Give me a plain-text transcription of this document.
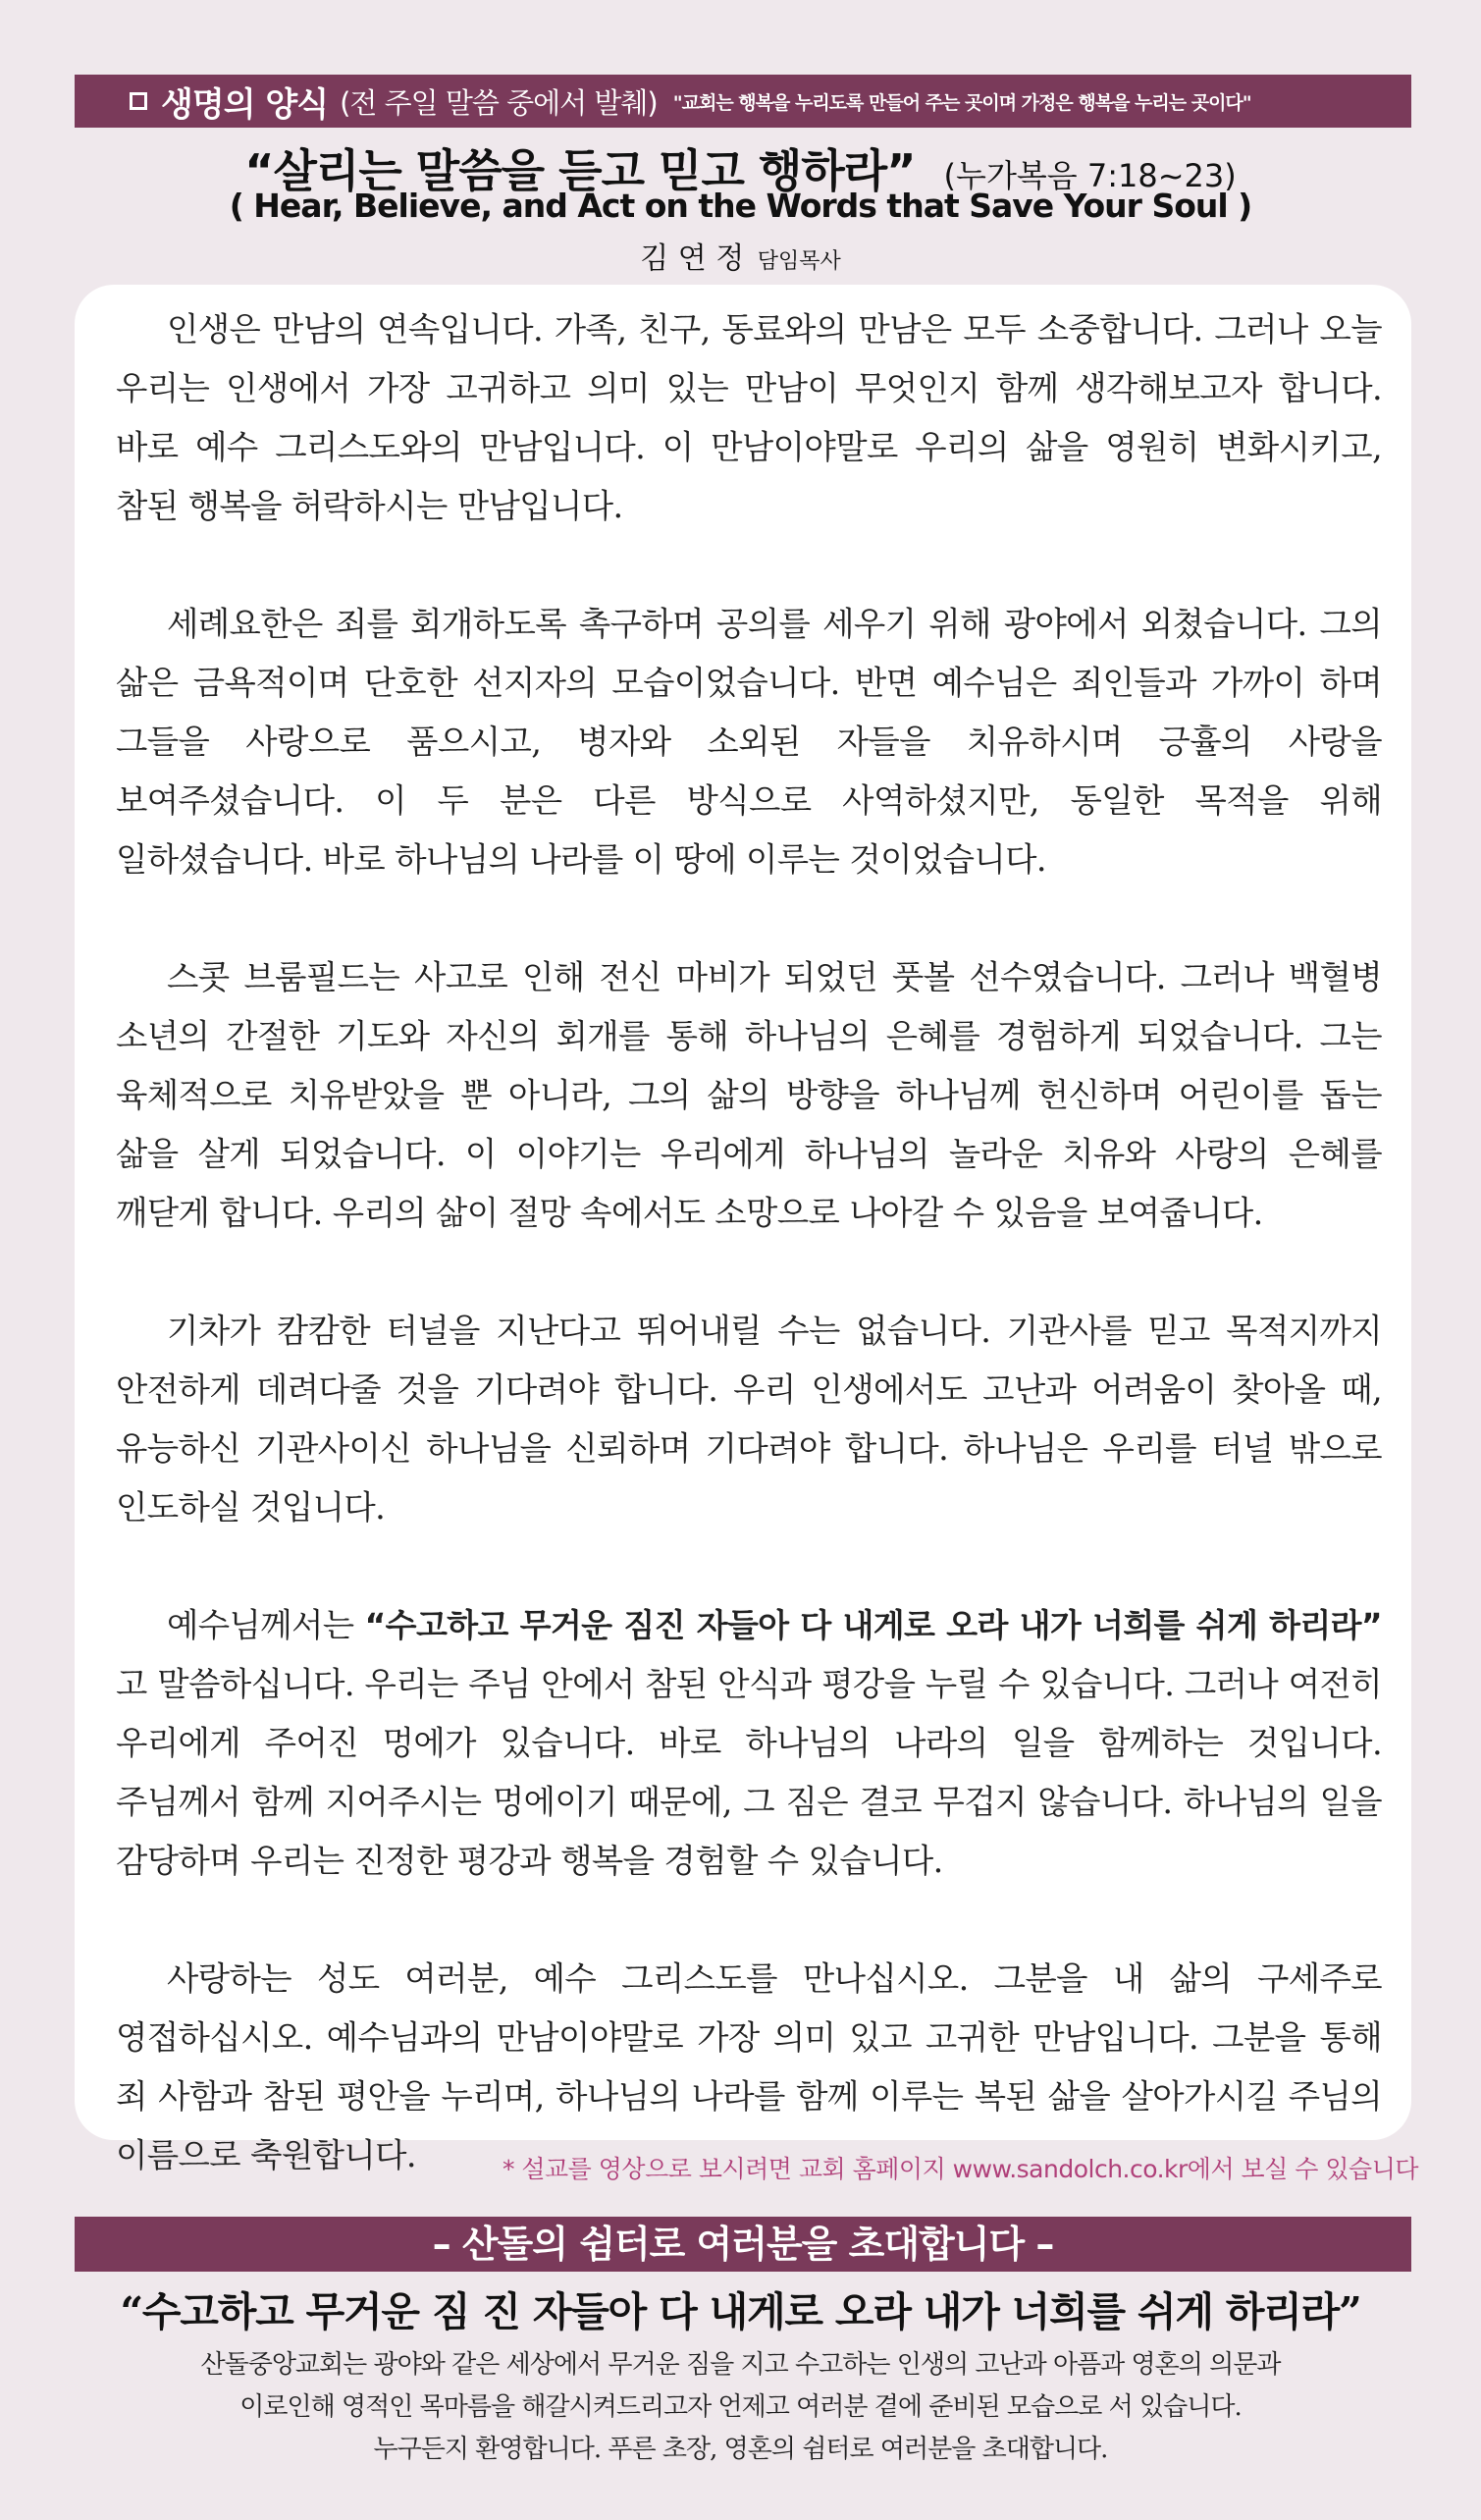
생명의 양식 (전 주일 말씀 중에서 발췌) "교회는 행복을 누리도록 만들어 주는 곳이며 가정은 행복을 누리는 곳이다"
“살리는 말씀을 듣고 믿고 행하라” (누가복음 7:18~23)
( Hear, Believe, and Act on the Words that Save Your Soul )
김 연 정 담임목사

인생은 만남의 연속입니다. 가족, 친구, 동료와의 만남은 모두 소중합니다. 그러나 오늘 우리는 인생에서 가장 고귀하고 의미 있는 만남이 무엇인지 함께 생각해보고자 합니다. 바로 예수 그리스도와의 만남입니다. 이 만남이야말로 우리의 삶을 영원히 변화시키고, 참된 행복을 허락하시는 만남입니다.

세례요한은 죄를 회개하도록 촉구하며 공의를 세우기 위해 광야에서 외쳤습니다. 그의 삶은 금욕적이며 단호한 선지자의 모습이었습니다. 반면 예수님은 죄인들과 가까이 하며 그들을 사랑으로 품으시고, 병자와 소외된 자들을 치유하시며 긍휼의 사랑을 보여주셨습니다. 이 두 분은 다른 방식으로 사역하셨지만, 동일한 목적을 위해 일하셨습니다. 바로 하나님의 나라를 이 땅에 이루는 것이었습니다.

스콧 브룸필드는 사고로 인해 전신 마비가 되었던 풋볼 선수였습니다. 그러나 백혈병 소년의 간절한 기도와 자신의 회개를 통해 하나님의 은혜를 경험하게 되었습니다. 그는 육체적으로 치유받았을 뿐 아니라, 그의 삶의 방향을 하나님께 헌신하며 어린이를 돕는 삶을 살게 되었습니다. 이 이야기는 우리에게 하나님의 놀라운 치유와 사랑의 은혜를 깨닫게 합니다. 우리의 삶이 절망 속에서도 소망으로 나아갈 수 있음을 보여줍니다.

기차가 캄캄한 터널을 지난다고 뛰어내릴 수는 없습니다. 기관사를 믿고 목적지까지 안전하게 데려다줄 것을 기다려야 합니다. 우리 인생에서도 고난과 어려움이 찾아올 때, 유능하신 기관사이신 하나님을 신뢰하며 기다려야 합니다. 하나님은 우리를 터널 밖으로 인도하실 것입니다.

예수님께서는 “수고하고 무거운 짐진 자들아 다 내게로 오라 내가 너희를 쉬게 하리라” 고 말씀하십니다. 우리는 주님 안에서 참된 안식과 평강을 누릴 수 있습니다. 그러나 여전히 우리에게 주어진 멍에가 있습니다. 바로 하나님의 나라의 일을 함께하는 것입니다. 주님께서 함께 지어주시는 멍에이기 때문에, 그 짐은 결코 무겁지 않습니다. 하나님의 일을 감당하며 우리는 진정한 평강과 행복을 경험할 수 있습니다.

사랑하는 성도 여러분, 예수 그리스도를 만나십시오. 그분을 내 삶의 구세주로 영접하십시오. 예수님과의 만남이야말로 가장 의미 있고 고귀한 만남입니다. 그분을 통해 죄 사함과 참된 평안을 누리며, 하나님의 나라를 함께 이루는 복된 삶을 살아가시길 주님의 이름으로 축원합니다.	* 설교를 영상으로 보시려면 교회 홈페이지 www.sandolch.co.kr에서 보실 수 있습니다
– 산돌의 쉼터로 여러분을 초대합니다 –
“수고하고 무거운 짐 진 자들아 다 내게로 오라 내가 너희를 쉬게 하리라”
산돌중앙교회는 광야와 같은 세상에서 무거운 짐을 지고 수고하는 인생의 고난과 아픔과 영혼의 의문과
이로인해 영적인 목마름을 해갈시켜드리고자 언제고 여러분 곁에 준비된 모습으로 서 있습니다.
누구든지 환영합니다. 푸른 초장, 영혼의 쉼터로 여러분을 초대합니다.
